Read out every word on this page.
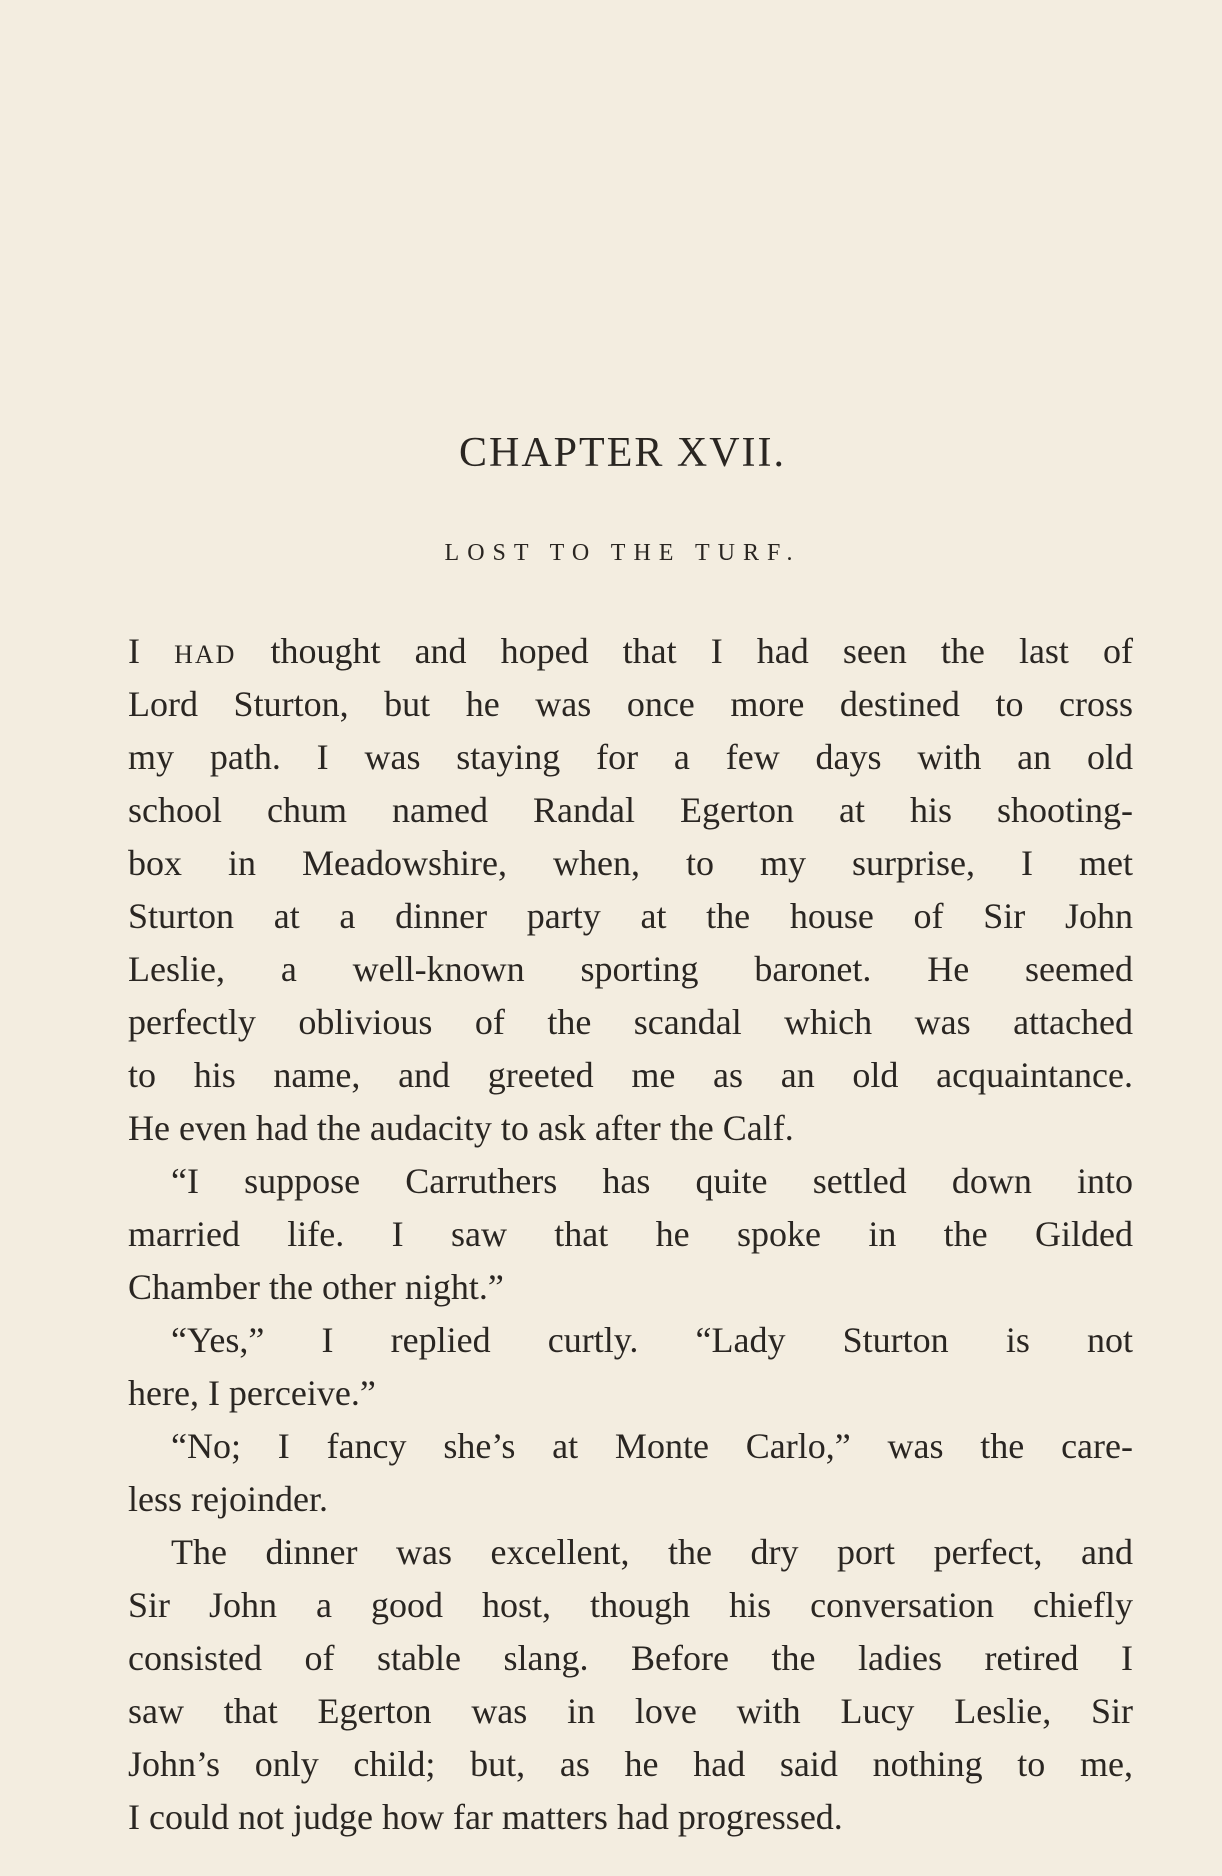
CHAPTER XVII.
LOST TO THE TURF.
I HAD thought and hoped that I had seen the last of
Lord Sturton, but he was once more destined to cross
my path. I was staying for a few days with an old
school chum named Randal Egerton at his shooting-
box in Meadowshire, when, to my surprise, I met
Sturton at a dinner party at the house of Sir John
Leslie, a well-known sporting baronet. He seemed
perfectly oblivious of the scandal which was attached
to his name, and greeted me as an old acquaintance.
He even had the audacity to ask after the Calf.
“I suppose Carruthers has quite settled down into
married life. I saw that he spoke in the Gilded
Chamber the other night.”
“Yes,” I replied curtly. “Lady Sturton is not
here, I perceive.”
“No; I fancy she’s at Monte Carlo,” was the care-
less rejoinder.
The dinner was excellent, the dry port perfect, and
Sir John a good host, though his conversation chiefly
consisted of stable slang. Before the ladies retired I
saw that Egerton was in love with Lucy Leslie, Sir
John’s only child; but, as he had said nothing to me,
I could not judge how far matters had progressed.
